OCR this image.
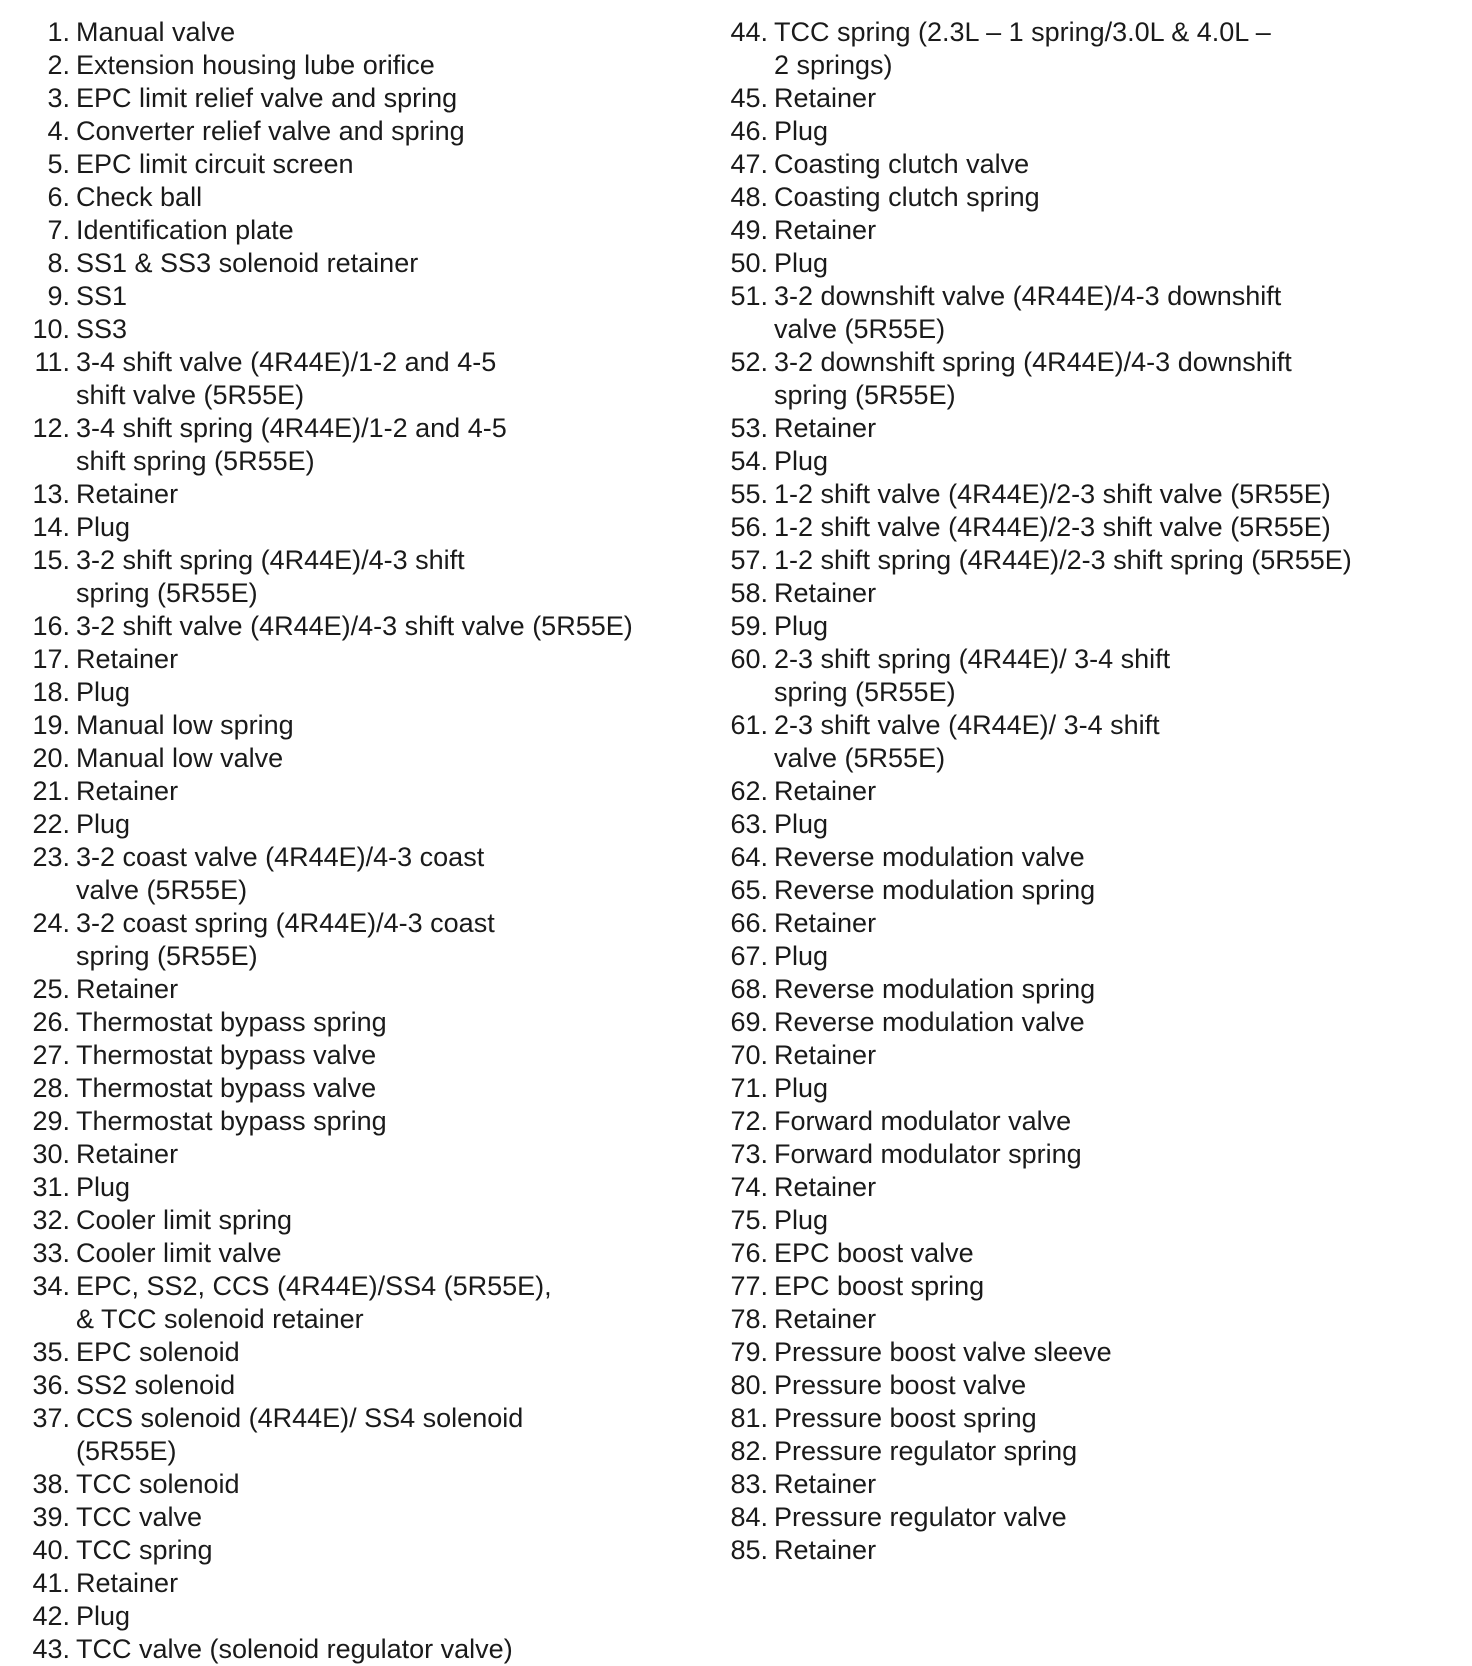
1. Manual valve
2. Extension housing lube orifice
3. EPC limit relief valve and spring
4. Converter relief valve and spring
5. EPC limit circuit screen
6. Check ball
7. Identification plate
8. SS1 & SS3 solenoid retainer
9. SS1
10. SS3
11. 3-4 shift valve (4R44E)/1-2 and 4-5
shift valve (5R55E)
12. 3-4 shift spring (4R44E)/1-2 and 4-5
shift spring (5R55E)
13. Retainer
14. Plug
15. 3-2 shift spring (4R44E)/4-3 shift
spring (5R55E)
16. 3-2 shift valve (4R44E)/4-3 shift valve (5R55E)
17. Retainer
18. Plug
19. Manual low spring
20. Manual low valve
21. Retainer
22. Plug
23. 3-2 coast valve (4R44E)/4-3 coast
valve (5R55E)
24. 3-2 coast spring (4R44E)/4-3 coast
spring (5R55E)
25. Retainer
26. Thermostat bypass spring
27. Thermostat bypass valve
28. Thermostat bypass valve
29. Thermostat bypass spring
30. Retainer
31. Plug
32. Cooler limit spring
33. Cooler limit valve
34. EPC, SS2, CCS (4R44E)/SS4 (5R55E),
& TCC solenoid retainer
35. EPC solenoid
36. SS2 solenoid
37. CCS solenoid (4R44E)/ SS4 solenoid
(5R55E)
38. TCC solenoid
39. TCC valve
40. TCC spring
41. Retainer
42. Plug
43. TCC valve (solenoid regulator valve)
44. TCC spring (2.3L – 1 spring/3.0L & 4.0L –
2 springs)
45. Retainer
46. Plug
47. Coasting clutch valve
48. Coasting clutch spring
49. Retainer
50. Plug
51. 3-2 downshift valve (4R44E)/4-3 downshift
valve (5R55E)
52. 3-2 downshift spring (4R44E)/4-3 downshift
spring (5R55E)
53. Retainer
54. Plug
55. 1-2 shift valve (4R44E)/2-3 shift valve (5R55E)
56. 1-2 shift valve (4R44E)/2-3 shift valve (5R55E)
57. 1-2 shift spring (4R44E)/2-3 shift spring (5R55E)
58. Retainer
59. Plug
60. 2-3 shift spring (4R44E)/ 3-4 shift
spring (5R55E)
61. 2-3 shift valve (4R44E)/ 3-4 shift
valve (5R55E)
62. Retainer
63. Plug
64. Reverse modulation valve
65. Reverse modulation spring
66. Retainer
67. Plug
68. Reverse modulation spring
69. Reverse modulation valve
70. Retainer
71. Plug
72. Forward modulator valve
73. Forward modulator spring
74. Retainer
75. Plug
76. EPC boost valve
77. EPC boost spring
78. Retainer
79. Pressure boost valve sleeve
80. Pressure boost valve
81. Pressure boost spring
82. Pressure regulator spring
83. Retainer
84. Pressure regulator valve
85. Retainer
